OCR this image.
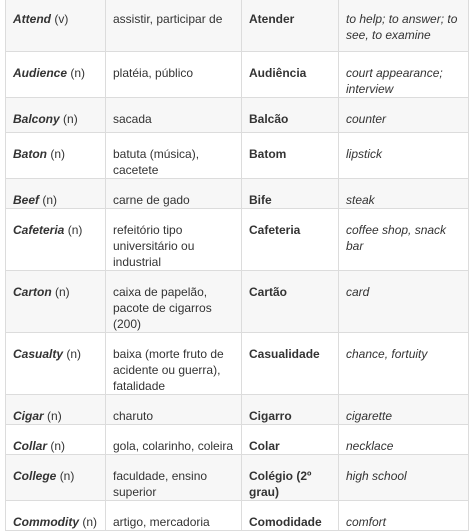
Attend (v)	assistir, participar de	Atender	to help; to answer; to see, to examine
Audience (n)	platéia, público	Audiência	court appearance; interview
Balcony (n)	sacada	Balcão	counter
Baton (n)	batuta (música), cacetete	Batom	lipstick
Beef (n)	carne de gado	Bife	steak
Cafeteria (n)	refeitório tipo universitário ou industrial	Cafeteria	coffee shop, snack bar
Carton (n)	caixa de papelão, pacote de cigarros (200)	Cartão	card
Casualty (n)	baixa (morte fruto de acidente ou guerra), fatalidade	Casualidade	chance, fortuity
Cigar (n)	charuto	Cigarro	cigarette
Collar (n)	gola, colarinho, coleira	Colar	necklace
College (n)	faculdade, ensino superior	Colégio (2º grau)	high school
Commodity (n)	artigo, mercadoria	Comodidade	comfort
